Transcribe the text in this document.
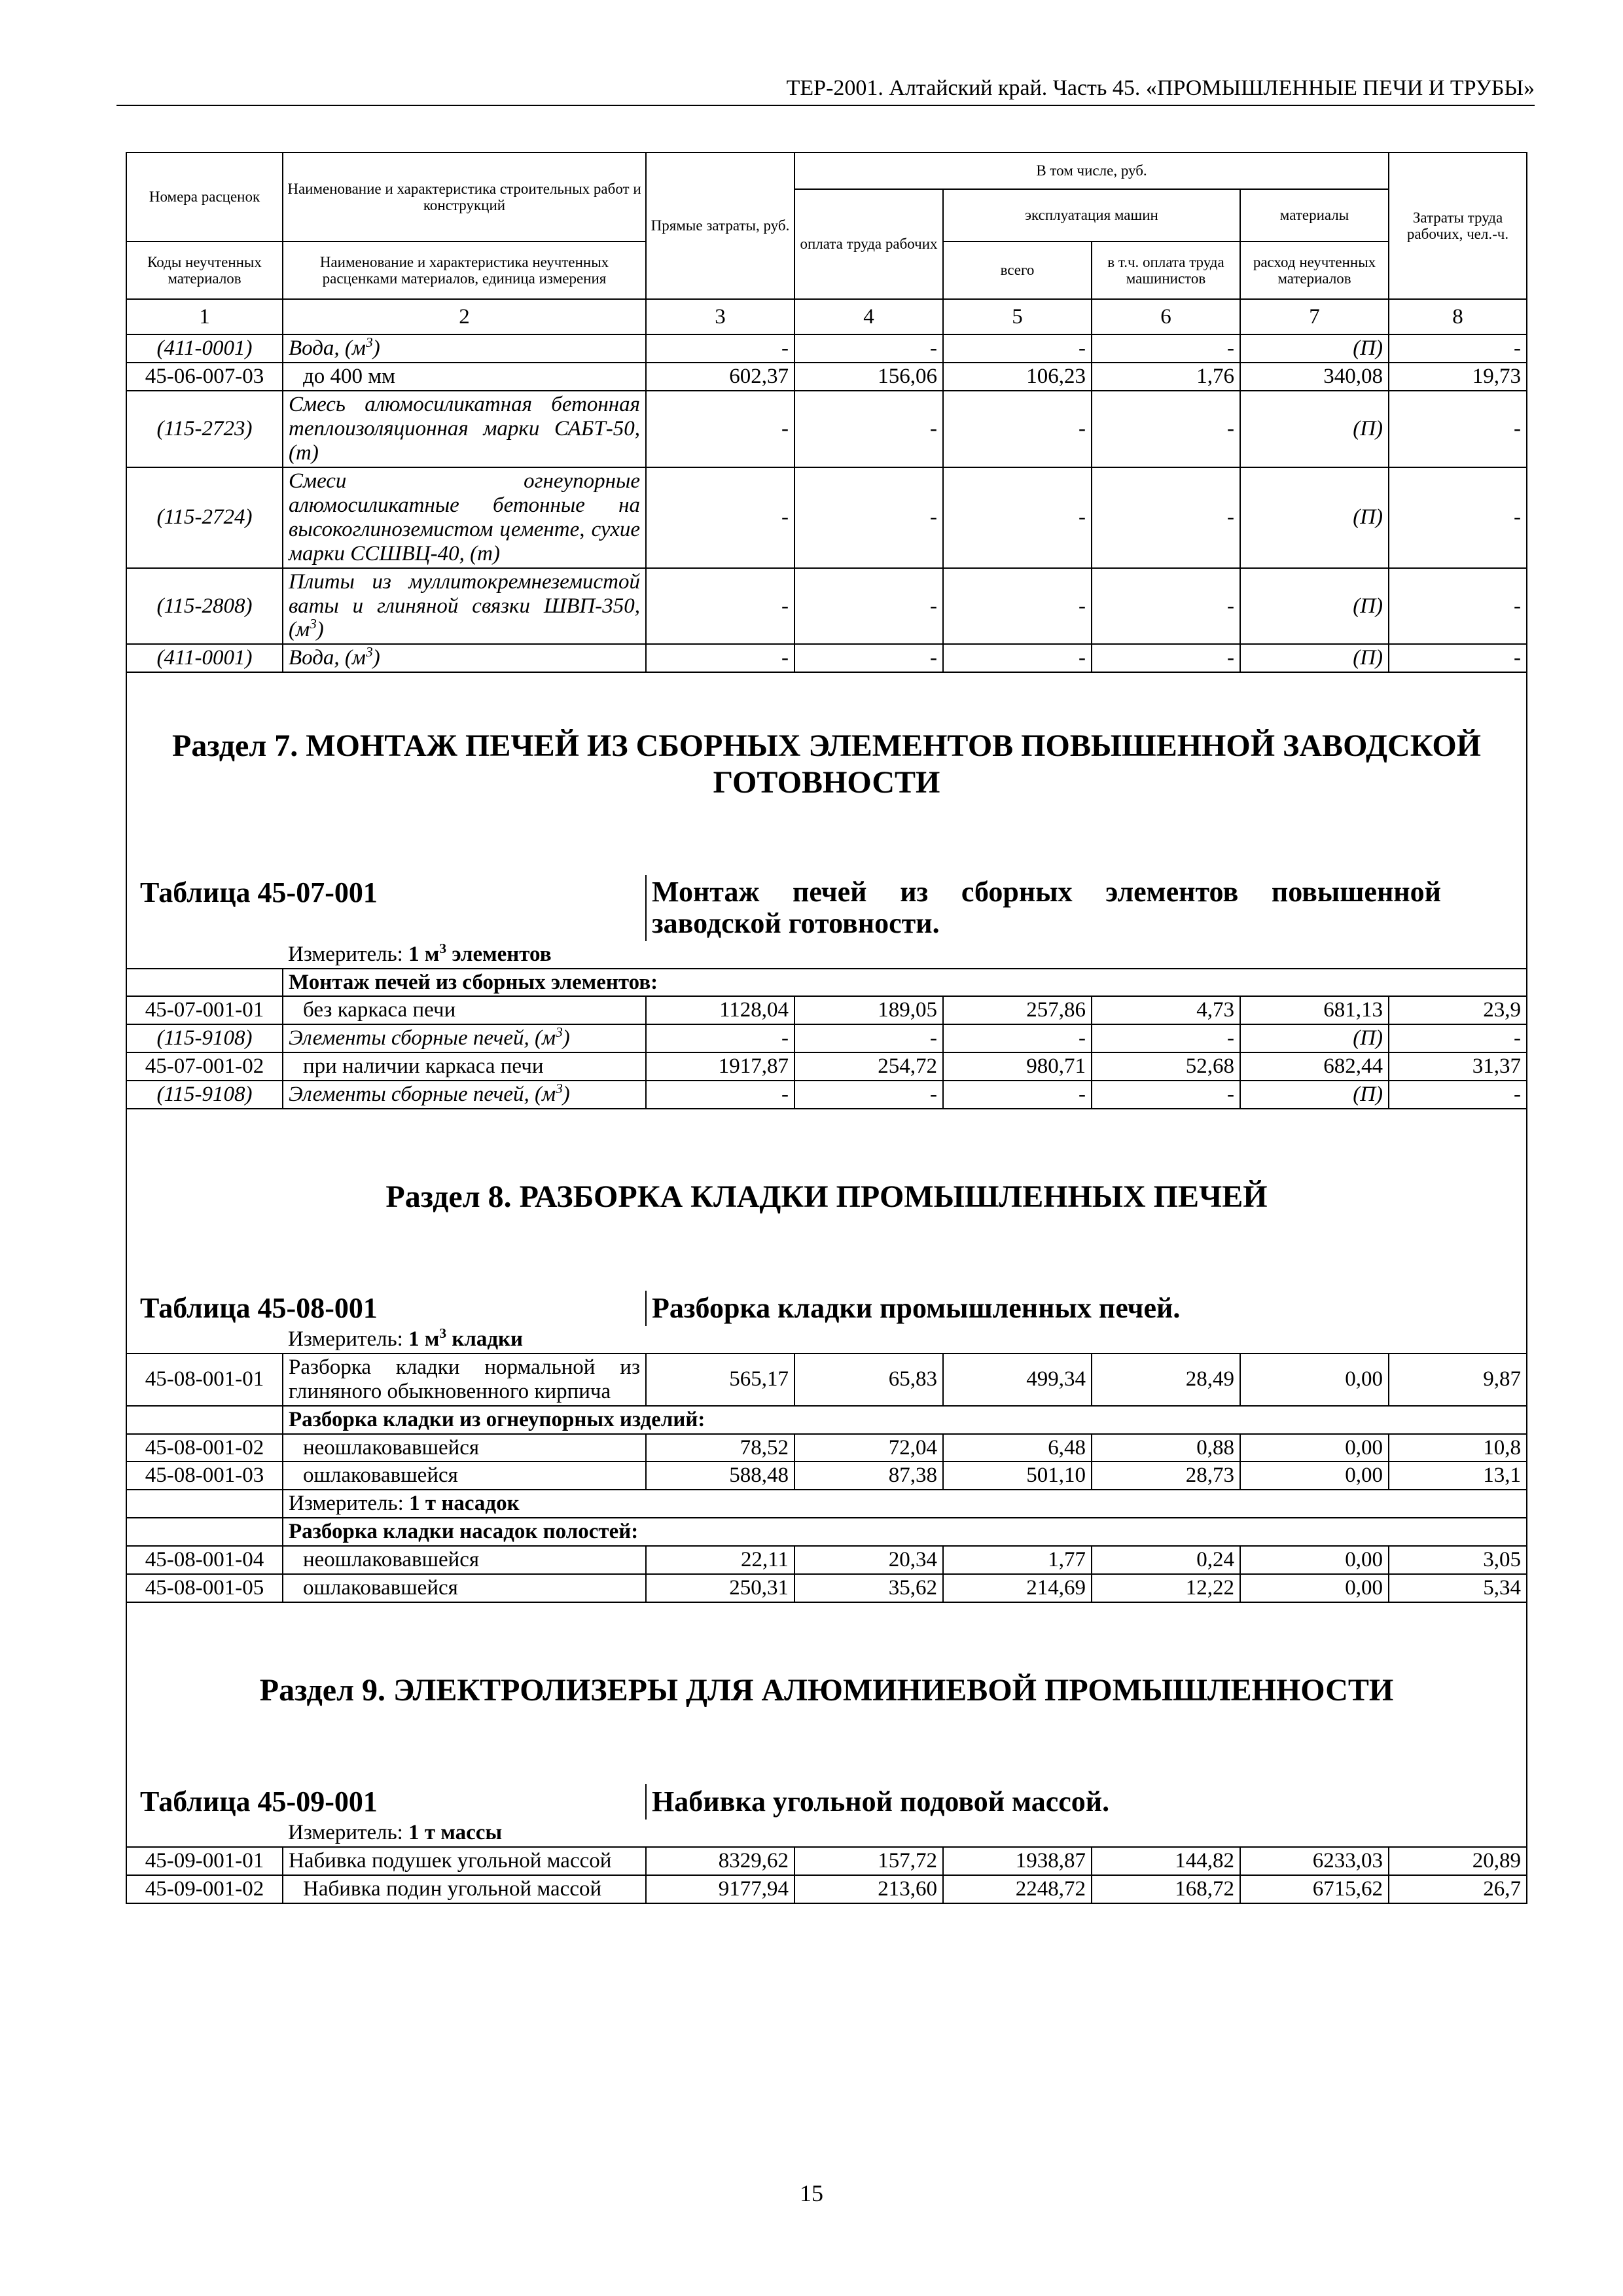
ТЕР-2001. Алтайский край. Часть 45. «ПРОМЫШЛЕННЫЕ ПЕЧИ И ТРУБЫ»
Номера расценок	Наименование и характеристика строительных работ и конструкций	Прямые затраты, руб.	В том числе, руб.				Затраты труда рабочих, чел.-ч.
			оплата труда рабочих	эксплуатация машин		материалы	
Коды неучтенных материалов	Наименование и характеристика неучтенных расценками материалов, единица измерения			всего	в т.ч. оплата труда машинистов	расход неучтенных материалов	

1	2	3	4	5	6	7	8
(411-0001)	Вода, $(м^3)$	-	-	-	-	(П)	-
45-06-007-03	до 400 мм	602,37	156,06	106,23	1,76	340,08	19,73
(115-2723)	Смесь алюмосиликатная бетонная теплоизоляционная марки САБТ-50, (т)	-	-	-	-	(П)	-
(115-2724)	Смеси огнеупорные алюмосиликатные бетонные на высокоглиноземистом цементе, сухие марки ССШВЦ-40, (т)	-	-	-	-	(П)	-
(115-2808)	Плиты из муллитокремнеземистой ваты и глиняной связки ШВП-350, $(м^3)$	-	-	-	-	(П)	-
(411-0001)	Вода, $(м^3)$	-	-	-	-	(П)	-

Раздел 7. МОНТАЖ ПЕЧЕЙ ИЗ СБОРНЫХ ЭЛЕМЕНТОВ ПОВЫШЕННОЙ ЗАВОДСКОЙ ГОТОВНОСТИ							

Таблица 45-07-001		Монтаж печей из сборных элементов повышенной заводской готовности.					
	Измеритель: 1 $м^3$ элементов						
	Монтаж печей из сборных элементов:						
45-07-001-01	без каркаса печи	1128,04	189,05	257,86	4,73	681,13	23,9
(115-9108)	Элементы сборные печей, $(м^3)$	-	-	-	-	(П)	-
45-07-001-02	при наличии каркаса печи	1917,87	254,72	980,71	52,68	682,44	31,37
(115-9108)	Элементы сборные печей, $(м^3)$	-	-	-	-	(П)	-

Раздел 8. РАЗБОРКА КЛАДКИ ПРОМЫШЛЕННЫХ ПЕЧЕЙ							

Таблица 45-08-001		Разборка кладки промышленных печей.					
	Измеритель: 1 $м^3$ кладки						
45-08-001-01	Разборка кладки нормальной из глиняного обыкновенного кирпича	565,17	65,83	499,34	28,49	0,00	9,87
	Разборка кладки из огнеупорных изделий:						
45-08-001-02	неошлаковавшейся	78,52	72,04	6,48	0,88	0,00	10,8
45-08-001-03	ошлаковавшейся	588,48	87,38	501,10	28,73	0,00	13,1
	Измеритель: 1 т насадок						
	Разборка кладки насадок полостей:						
45-08-001-04	неошлаковавшейся	22,11	20,34	1,77	0,24	0,00	3,05
45-08-001-05	ошлаковавшейся	250,31	35,62	214,69	12,22	0,00	5,34

Раздел 9. ЭЛЕКТРОЛИЗЕРЫ ДЛЯ АЛЮМИНИЕВОЙ ПРОМЫШЛЕННОСТИ							

Таблица 45-09-001		Набивка угольной подовой массой.					
	Измеритель: 1 т массы						
45-09-001-01	Набивка подушек угольной массой	8329,62	157,72	1938,87	144,82	6233,03	20,89
45-09-001-02	Набивка подин угольной массой	9177,94	213,60	2248,72	168,72	6715,62	26,7
15
